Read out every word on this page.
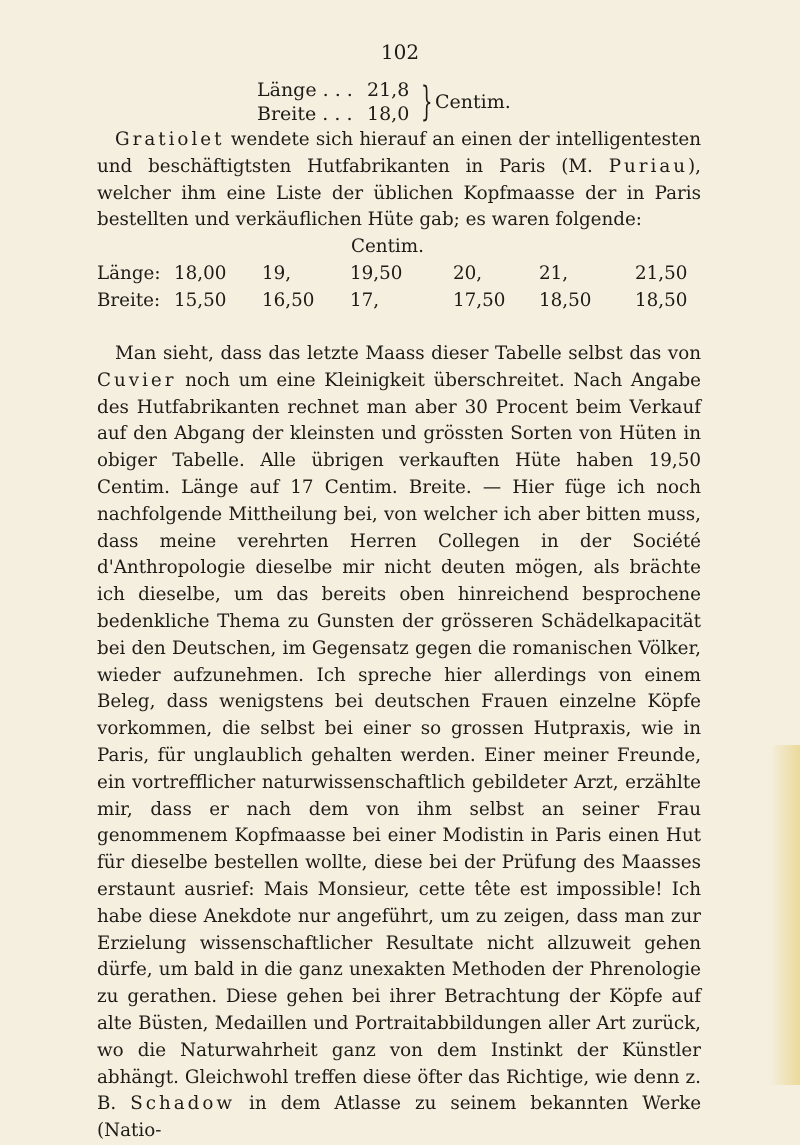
102
Länge . . . 21,8
Breite . . . 18,0 } Centim.

Gratiolet wendete sich hierauf an einen der intelligentesten und beschäftigtsten Hutfabrikanten in Paris (M. Puriau), welcher ihm eine Liste der üblichen Kopfmaasse der in Paris bestellten und verkäuflichen Hüte gab; es waren folgende:

Centim.
Länge: 18,00 19,	19,50	20,	21,	21,50
Breite: 15,50 16,50 17,	17,50 18,50 18,50

Man sieht, dass das letzte Maass dieser Tabelle selbst das von Cuvier noch um eine Kleinigkeit überschreitet. Nach Angabe des Hutfabrikanten rechnet man aber 30 Procent beim Verkauf auf den Abgang der kleinsten und grössten Sorten von Hüten in obiger Tabelle. Alle übrigen verkauften Hüte haben 19,50 Centim. Länge auf 17 Centim. Breite. — Hier füge ich noch nachfolgende Mittheilung bei, von welcher ich aber bitten muss, dass meine verehrten Herren Collegen in der Société d'Anthropologie dieselbe mir nicht deuten mögen, als brächte ich dieselbe, um das bereits oben hinreichend besprochene bedenkliche Thema zu Gunsten der grösseren Schädelkapacität bei den Deutschen, im Gegensatz gegen die romanischen Völker, wieder aufzunehmen. Ich spreche hier allerdings von einem Beleg, dass wenigstens bei deutschen Frauen einzelne Köpfe vorkommen, die selbst bei einer so grossen Hutpraxis, wie in Paris, für unglaublich gehalten werden. Einer meiner Freunde, ein vortrefflicher naturwissenschaftlich gebildeter Arzt, erzählte mir, dass er nach dem von ihm selbst an seiner Frau genommenem Kopfmaasse bei einer Modistin in Paris einen Hut für dieselbe bestellen wollte, diese bei der Prüfung des Maasses erstaunt ausrief: Mais Monsieur, cette tête est impossible! Ich habe diese Anekdote nur angeführt, um zu zeigen, dass man zur Erzielung wissenschaftlicher Resultate nicht allzuweit gehen dürfe, um bald in die ganz unexakten Methoden der Phrenologie zu gerathen. Diese gehen bei ihrer Betrachtung der Köpfe auf alte Büsten, Medaillen und Portraitabbildungen aller Art zurück, wo die Naturwahrheit ganz von dem Instinkt der Künstler abhängt. Gleichwohl treffen diese öfter das Richtige, wie denn z. B. Schadow in dem Atlasse zu seinem bekannten Werke (Natio-
